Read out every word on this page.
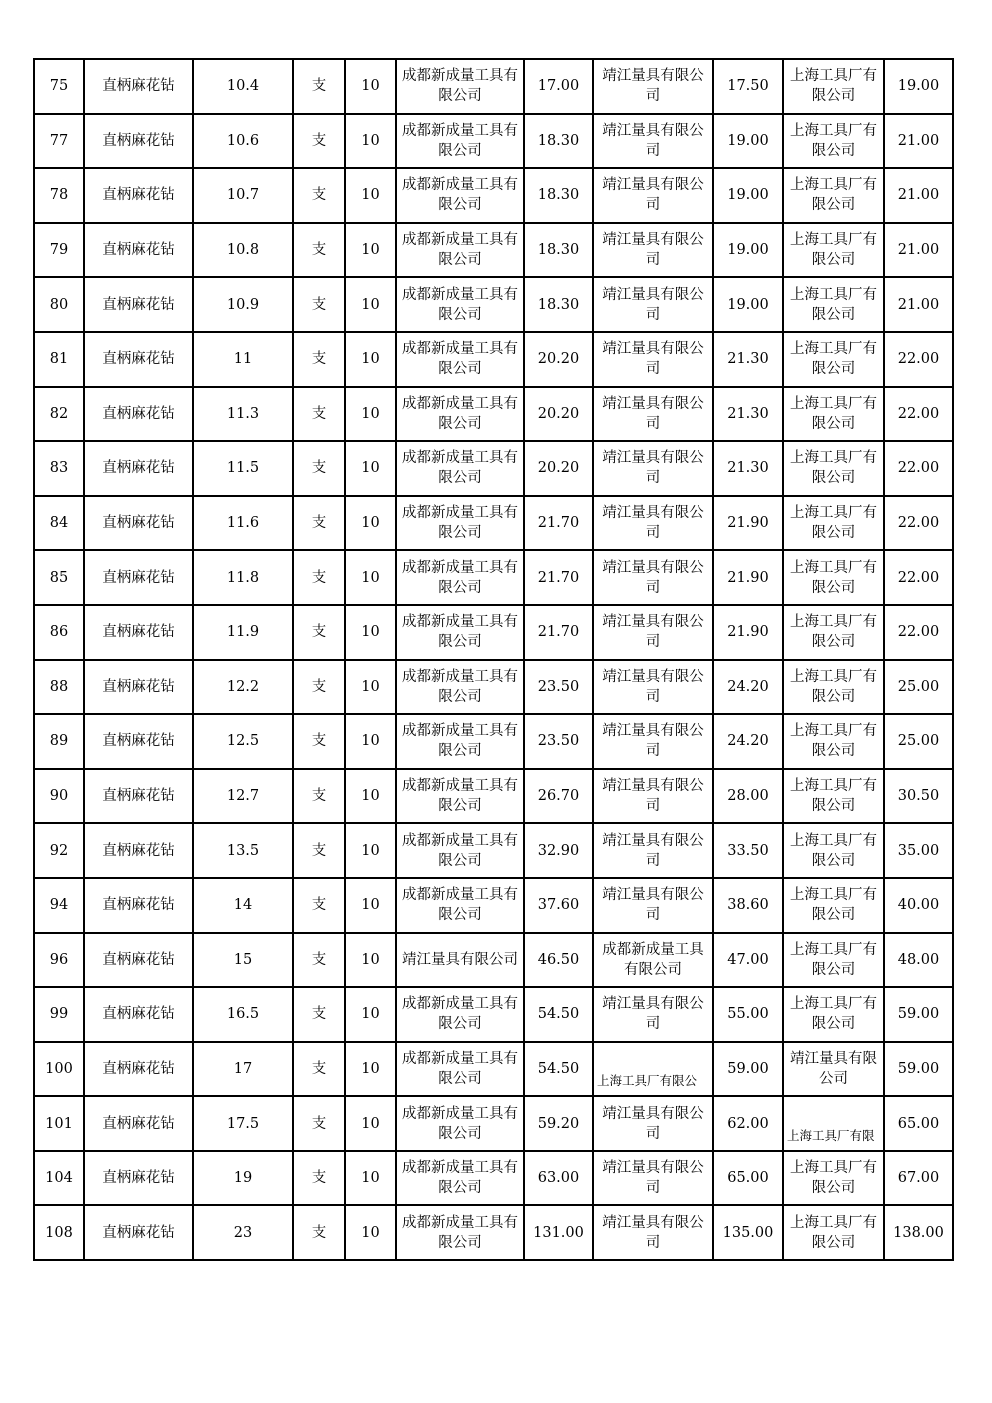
75	直柄麻花钻	10.4	支	10	成都新成量工具有限公司	17.00	靖江量具有限公司	17.50	上海工具厂有限公司	19.00
77	直柄麻花钻	10.6	支	10	成都新成量工具有限公司	18.30	靖江量具有限公司	19.00	上海工具厂有限公司	21.00
78	直柄麻花钻	10.7	支	10	成都新成量工具有限公司	18.30	靖江量具有限公司	19.00	上海工具厂有限公司	21.00
79	直柄麻花钻	10.8	支	10	成都新成量工具有限公司	18.30	靖江量具有限公司	19.00	上海工具厂有限公司	21.00
80	直柄麻花钻	10.9	支	10	成都新成量工具有限公司	18.30	靖江量具有限公司	19.00	上海工具厂有限公司	21.00
81	直柄麻花钻	11	支	10	成都新成量工具有限公司	20.20	靖江量具有限公司	21.30	上海工具厂有限公司	22.00
82	直柄麻花钻	11.3	支	10	成都新成量工具有限公司	20.20	靖江量具有限公司	21.30	上海工具厂有限公司	22.00
83	直柄麻花钻	11.5	支	10	成都新成量工具有限公司	20.20	靖江量具有限公司	21.30	上海工具厂有限公司	22.00
84	直柄麻花钻	11.6	支	10	成都新成量工具有限公司	21.70	靖江量具有限公司	21.90	上海工具厂有限公司	22.00
85	直柄麻花钻	11.8	支	10	成都新成量工具有限公司	21.70	靖江量具有限公司	21.90	上海工具厂有限公司	22.00
86	直柄麻花钻	11.9	支	10	成都新成量工具有限公司	21.70	靖江量具有限公司	21.90	上海工具厂有限公司	22.00
88	直柄麻花钻	12.2	支	10	成都新成量工具有限公司	23.50	靖江量具有限公司	24.20	上海工具厂有限公司	25.00
89	直柄麻花钻	12.5	支	10	成都新成量工具有限公司	23.50	靖江量具有限公司	24.20	上海工具厂有限公司	25.00
90	直柄麻花钻	12.7	支	10	成都新成量工具有限公司	26.70	靖江量具有限公司	28.00	上海工具厂有限公司	30.50
92	直柄麻花钻	13.5	支	10	成都新成量工具有限公司	32.90	靖江量具有限公司	33.50	上海工具厂有限公司	35.00
94	直柄麻花钻	14	支	10	成都新成量工具有限公司	37.60	靖江量具有限公司	38.60	上海工具厂有限公司	40.00
96	直柄麻花钻	15	支	10	靖江量具有限公司	46.50	成都新成量工具有限公司	47.00	上海工具厂有限公司	48.00
99	直柄麻花钻	16.5	支	10	成都新成量工具有限公司	54.50	靖江量具有限公司	55.00	上海工具厂有限公司	59.00
100	直柄麻花钻	17	支	10	成都新成量工具有限公司	54.50	上海工具厂有限公	59.00	靖江量具有限公司	59.00
101	直柄麻花钻	17.5	支	10	成都新成量工具有限公司	59.20	靖江量具有限公司	62.00	上海工具厂有限	65.00
104	直柄麻花钻	19	支	10	成都新成量工具有限公司	63.00	靖江量具有限公司	65.00	上海工具厂有限公司	67.00
108	直柄麻花钻	23	支	10	成都新成量工具有限公司	131.00	靖江量具有限公司	135.00	上海工具厂有限公司	138.00
